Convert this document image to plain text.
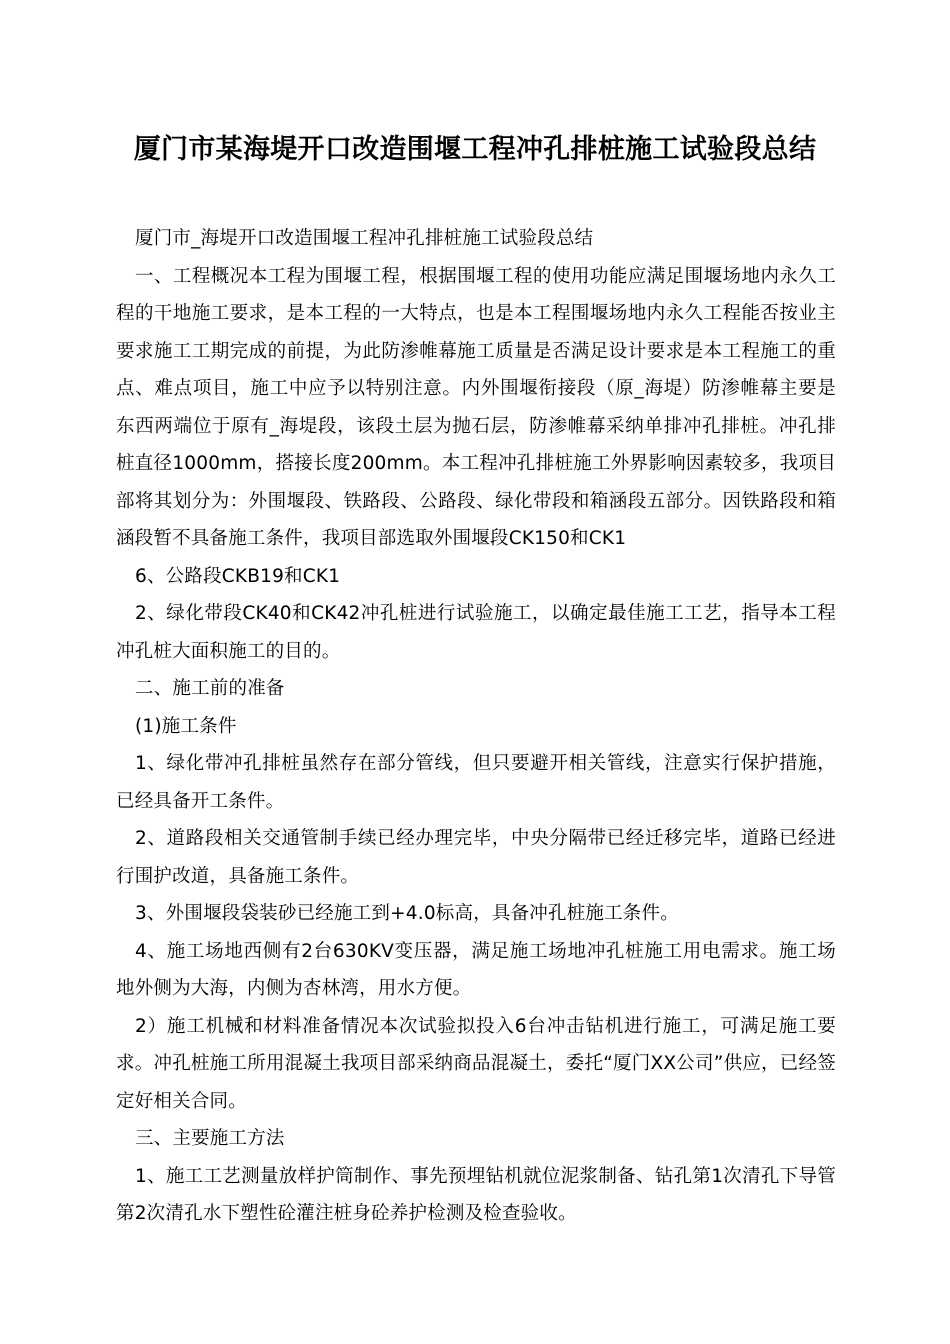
厦门市某海堤开口改造围堰工程冲孔排桩施工试验段总结

厦门市_海堤开口改造围堰工程冲孔排桩施工试验段总结

一、工程概况本工程为围堰工程，根据围堰工程的使用功能应满足围堰场地内永久工程的干地施工要求，是本工程的一大特点，也是本工程围堰场地内永久工程能否按业主要求施工工期完成的前提，为此防渗帷幕施工质量是否满足设计要求是本工程施工的重点、难点项目，施工中应予以特别注意。内外围堰衔接段（原_海堤）防渗帷幕主要是东西两端位于原有_海堤段，该段土层为抛石层，防渗帷幕采纳单排冲孔排桩。冲孔排桩直径1000mm，搭接长度200mm。本工程冲孔排桩施工外界影响因素较多，我项目部将其划分为：外围堰段、铁路段、公路段、绿化带段和箱涵段五部分。因铁路段和箱涵段暂不具备施工条件，我项目部选取外围堰段CK150和CK1

6、公路段CKB19和CK1

2、绿化带段CK40和CK42冲孔桩进行试验施工，以确定最佳施工工艺，指导本工程冲孔桩大面积施工的目的。

二、施工前的准备

(1)施工条件

1、绿化带冲孔排桩虽然存在部分管线，但只要避开相关管线，注意实行保护措施，已经具备开工条件。

2、道路段相关交通管制手续已经办理完毕，中央分隔带已经迁移完毕，道路已经进行围护改道，具备施工条件。

3、外围堰段袋装砂已经施工到+4.0标高，具备冲孔桩施工条件。

4、施工场地西侧有2台630KV变压器，满足施工场地冲孔桩施工用电需求。施工场地外侧为大海，内侧为杏林湾，用水方便。

2）施工机械和材料准备情况本次试验拟投入6台冲击钻机进行施工，可满足施工要求。冲孔桩施工所用混凝土我项目部采纳商品混凝土，委托“厦门XX公司”供应，已经签定好相关合同。

三、主要施工方法

1、施工工艺测量放样护筒制作、事先预埋钻机就位泥浆制备、钻孔第1次清孔下导管第2次清孔水下塑性砼灌注桩身砼养护检测及检查验收。
